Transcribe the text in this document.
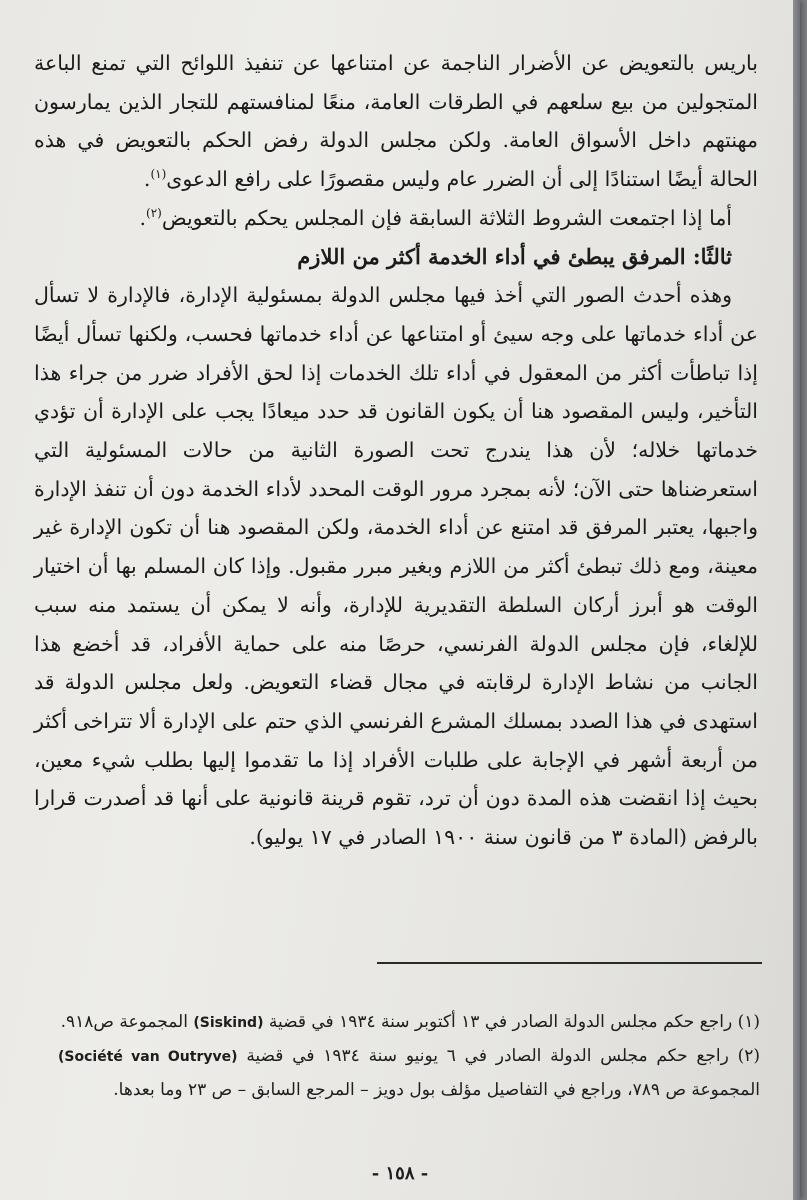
باريس بالتعويض عن الأضرار الناجمة عن امتناعها عن تنفيذ اللوائح التي تمنع الباعة المتجولين من بيع سلعهم في الطرقات العامة، منعًا لمنافستهم للتجار الذين يمارسون مهنتهم داخل الأسواق العامة. ولكن مجلس الدولة رفض الحكم بالتعويض في هذه الحالة أيضًا استنادًا إلى أن الضرر عام وليس مقصورًا على رافع الدعوى$^{(١)}$.

أما إذا اجتمعت الشروط الثلاثة السابقة فإن المجلس يحكم بالتعويض$^{(٢)}$.

ثالثًا: المرفق يبطئ في أداء الخدمة أكثر من اللازم

وهذه أحدث الصور التي أخذ فيها مجلس الدولة بمسئولية الإدارة، فالإدارة لا تسأل عن أداء خدماتها على وجه سيئ أو امتناعها عن أداء خدماتها فحسب، ولكنها تسأل أيضًا إذا تباطأت أكثر من المعقول في أداء تلك الخدمات إذا لحق الأفراد ضرر من جراء هذا التأخير، وليس المقصود هنا أن يكون القانون قد حدد ميعادًا يجب على الإدارة أن تؤدي خدماتها خلاله؛ لأن هذا يندرج تحت الصورة الثانية من حالات المسئولية التي استعرضناها حتى الآن؛ لأنه بمجرد مرور الوقت المحدد لأداء الخدمة دون أن تنفذ الإدارة واجبها، يعتبر المرفق قد امتنع عن أداء الخدمة، ولكن المقصود هنا أن تكون الإدارة غير معينة، ومع ذلك تبطئ أكثر من اللازم وبغير مبرر مقبول. وإذا كان المسلم بها أن اختيار الوقت هو أبرز أركان السلطة التقديرية للإدارة، وأنه لا يمكن أن يستمد منه سبب للإلغاء، فإن مجلس الدولة الفرنسي، حرصًا منه على حماية الأفراد، قد أخضع هذا الجانب من نشاط الإدارة لرقابته في مجال قضاء التعويض. ولعل مجلس الدولة قد استهدى في هذا الصدد بمسلك المشرع الفرنسي الذي حتم على الإدارة ألا تتراخى أكثر من أربعة أشهر في الإجابة على طلبات الأفراد إذا ما تقدموا إليها بطلب شيء معين، بحيث إذا انقضت هذه المدة دون أن ترد، تقوم قرينة قانونية على أنها قد أصدرت قرارا بالرفض (المادة ٣ من قانون سنة ١٩٠٠ الصادر في ١٧ يوليو).

(١) راجع حكم مجلس الدولة الصادر في ١٣ أكتوبر سنة ١٩٣٤ في قضية (Siskind) المجموعة ص٩١٨.

(٢) راجع حكم مجلس الدولة الصادر في ٦ يونيو سنة ١٩٣٤ في قضية (Société van Outryve) المجموعة ص ٧٨٩، وراجع في التفاصيل مؤلف بول دويز – المرجع السابق – ص ٢٣ وما بعدها.

- ١٥٨ -
